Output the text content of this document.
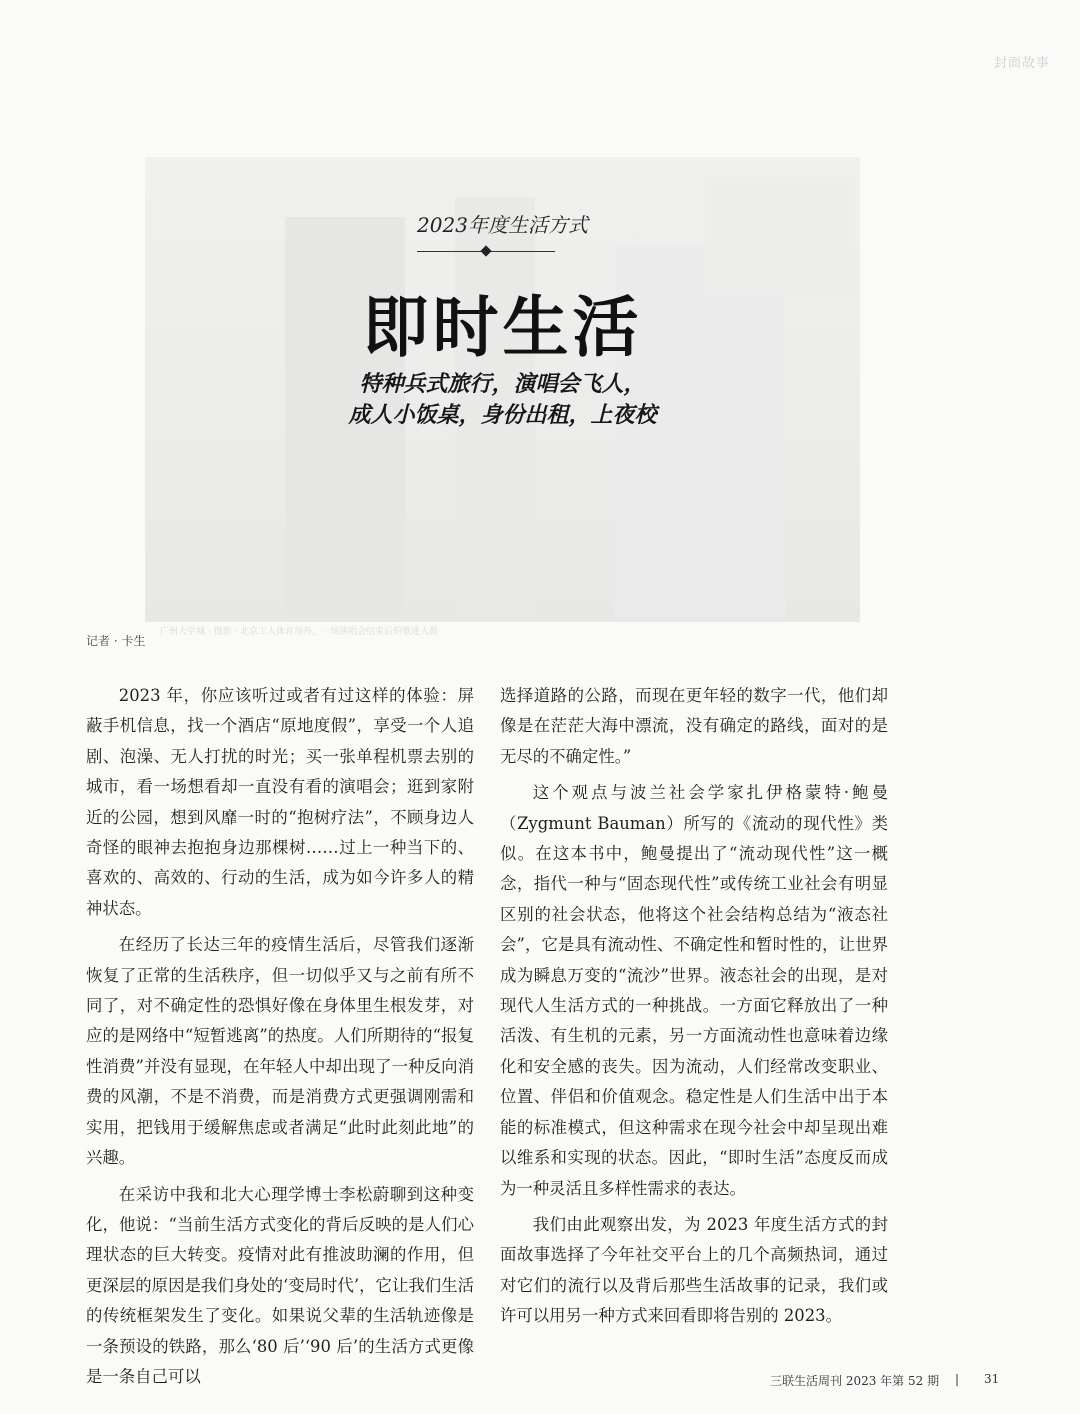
封面故事
2023年度生活方式
即时生活
特种兵式旅行，演唱会飞人，
成人小饭桌，身份出租，上夜校
广州大学城 · 摄影 · 北京工人体育场外，一场演唱会结束后的歌迷人群
记者 · 卡生

2023 年，你应该听过或者有过这样的体验：屏蔽手机信息，找一个酒店“原地度假”，享受一个人追剧、泡澡、无人打扰的时光；买一张单程机票去别的城市，看一场想看却一直没有看的演唱会；逛到家附近的公园，想到风靡一时的“抱树疗法”，不顾身边人奇怪的眼神去抱抱身边那棵树……过上一种当下的、喜欢的、高效的、行动的生活，成为如今许多人的精神状态。

在经历了长达三年的疫情生活后，尽管我们逐渐恢复了正常的生活秩序，但一切似乎又与之前有所不同了，对不确定性的恐惧好像在身体里生根发芽，对应的是网络中“短暂逃离”的热度。人们所期待的“报复性消费”并没有显现，在年轻人中却出现了一种反向消费的风潮，不是不消费，而是消费方式更强调刚需和实用，把钱用于缓解焦虑或者满足“此时此刻此地”的兴趣。

在采访中我和北大心理学博士李松蔚聊到这种变化，他说：“当前生活方式变化的背后反映的是人们心理状态的巨大转变。疫情对此有推波助澜的作用，但更深层的原因是我们身处的‘变局时代’，它让我们生活的传统框架发生了变化。如果说父辈的生活轨迹像是一条预设的铁路，那么‘80 后’‘90 后’的生活方式更像是一条自己可以

选择道路的公路，而现在更年轻的数字一代，他们却像是在茫茫大海中漂流，没有确定的路线，面对的是无尽的不确定性。”

这个观点与波兰社会学家扎伊格蒙特·鲍曼（Zygmunt Bauman）所写的《流动的现代性》类似。在这本书中，鲍曼提出了“流动现代性”这一概念，指代一种与“固态现代性”或传统工业社会有明显区别的社会状态，他将这个社会结构总结为“液态社会”，它是具有流动性、不确定性和暂时性的，让世界成为瞬息万变的“流沙”世界。液态社会的出现，是对现代人生活方式的一种挑战。一方面它释放出了一种活泼、有生机的元素，另一方面流动性也意味着边缘化和安全感的丧失。因为流动，人们经常改变职业、位置、伴侣和价值观念。稳定性是人们生活中出于本能的标准模式，但这种需求在现今社会中却呈现出难以维系和实现的状态。因此，“即时生活”态度反而成为一种灵活且多样性需求的表达。

我们由此观察出发，为 2023 年度生活方式的封面故事选择了今年社交平台上的几个高频热词，通过对它们的流行以及背后那些生活故事的记录，我们或许可以用另一种方式来回看即将告别的 2023。

三联生活周刊 2023 年第 52 期 | 31
